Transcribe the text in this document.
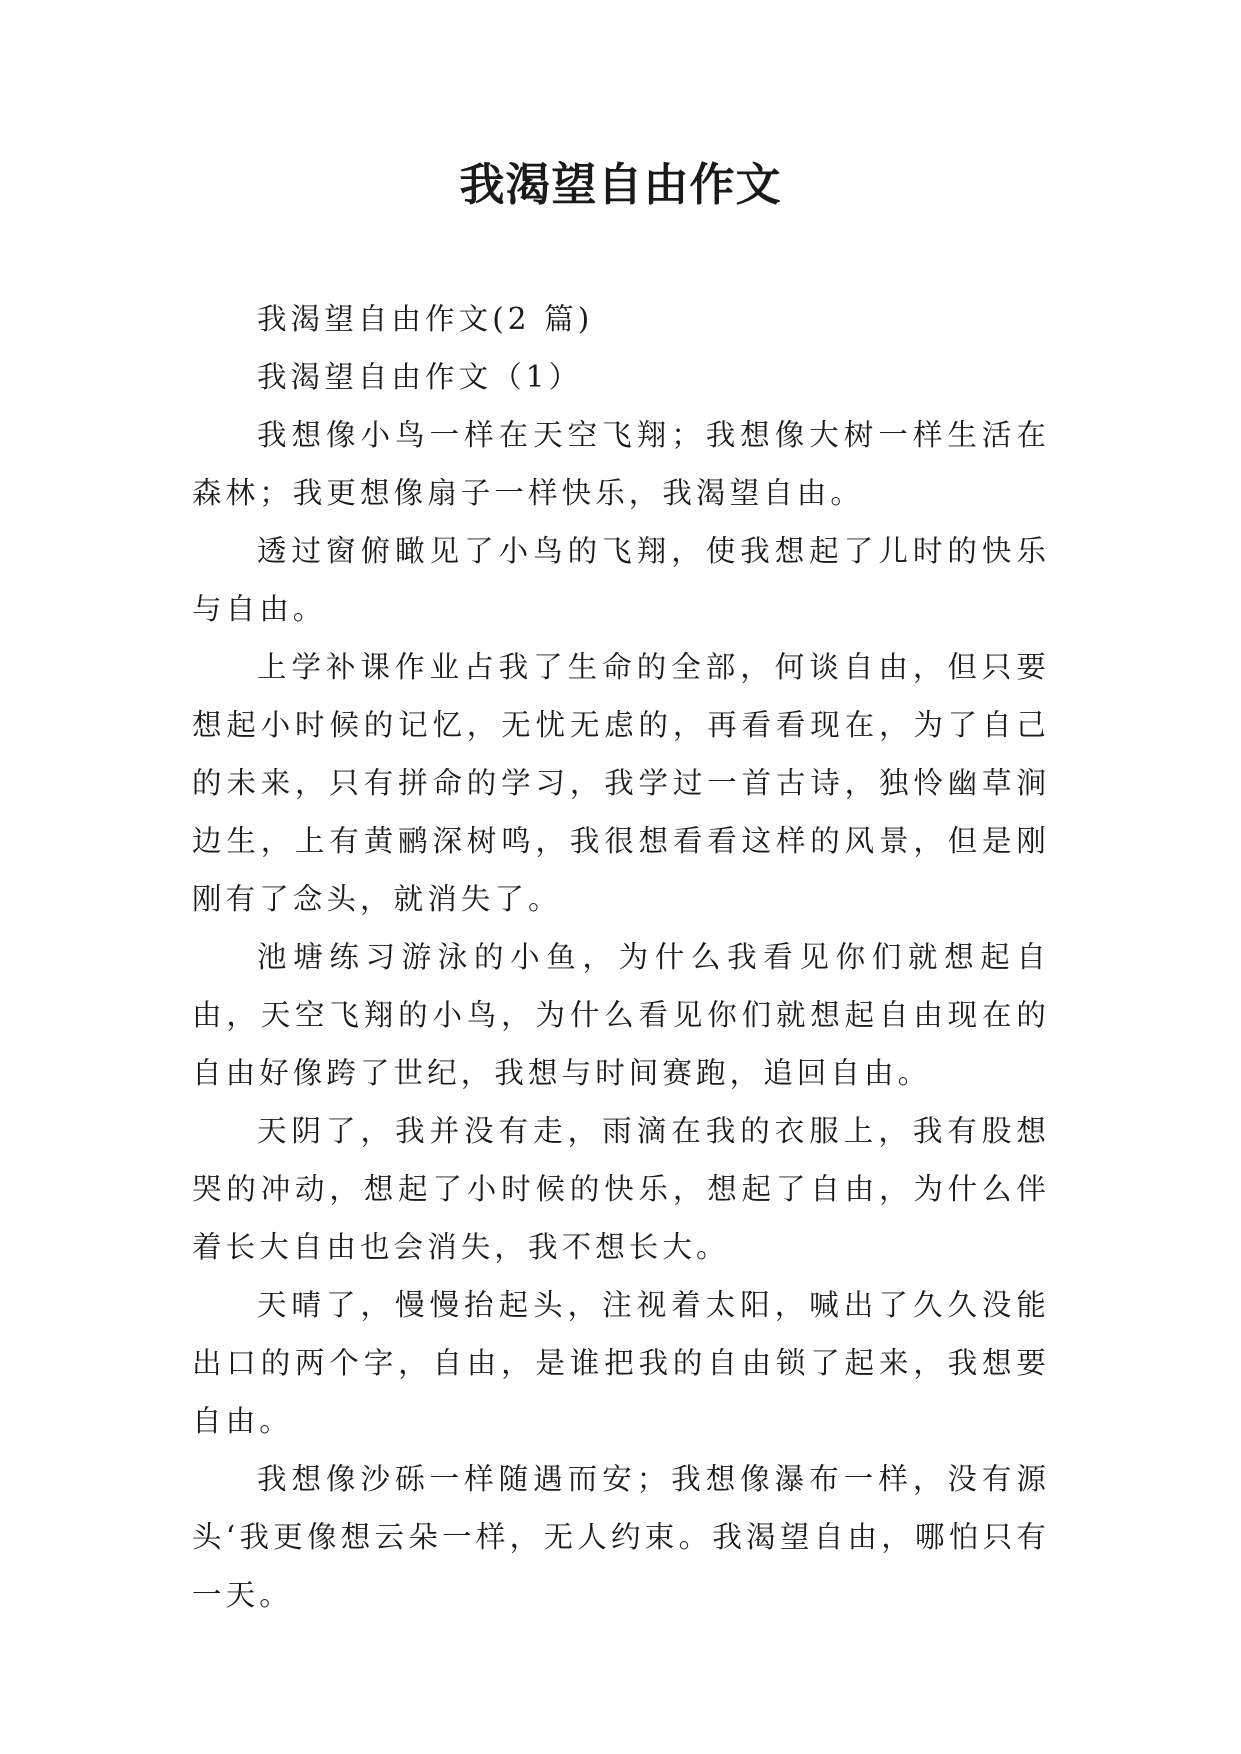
我渴望自由作文

我渴望自由作文(2 篇)

我渴望自由作文（1）

我想像小鸟一样在天空飞翔；我想像大树一样生活在森林；我更想像扇子一样快乐，我渴望自由。

透过窗俯瞰见了小鸟的飞翔，使我想起了儿时的快乐与自由。

上学补课作业占我了生命的全部，何谈自由，但只要想起小时候的记忆，无忧无虑的，再看看现在，为了自己的未来，只有拼命的学习，我学过一首古诗，独怜幽草涧边生，上有黄鹂深树鸣，我很想看看这样的风景，但是刚刚有了念头，就消失了。

池塘练习游泳的小鱼，为什么我看见你们就想起自由，天空飞翔的小鸟，为什么看见你们就想起自由现在的自由好像跨了世纪，我想与时间赛跑，追回自由。

天阴了，我并没有走，雨滴在我的衣服上，我有股想哭的冲动，想起了小时候的快乐，想起了自由，为什么伴着长大自由也会消失，我不想长大。

天晴了，慢慢抬起头，注视着太阳，喊出了久久没能出口的两个字，自由，是谁把我的自由锁了起来，我想要自由。

我想像沙砾一样随遇而安；我想像瀑布一样，没有源头‘我更像想云朵一样，无人约束。我渴望自由，哪怕只有一天。
